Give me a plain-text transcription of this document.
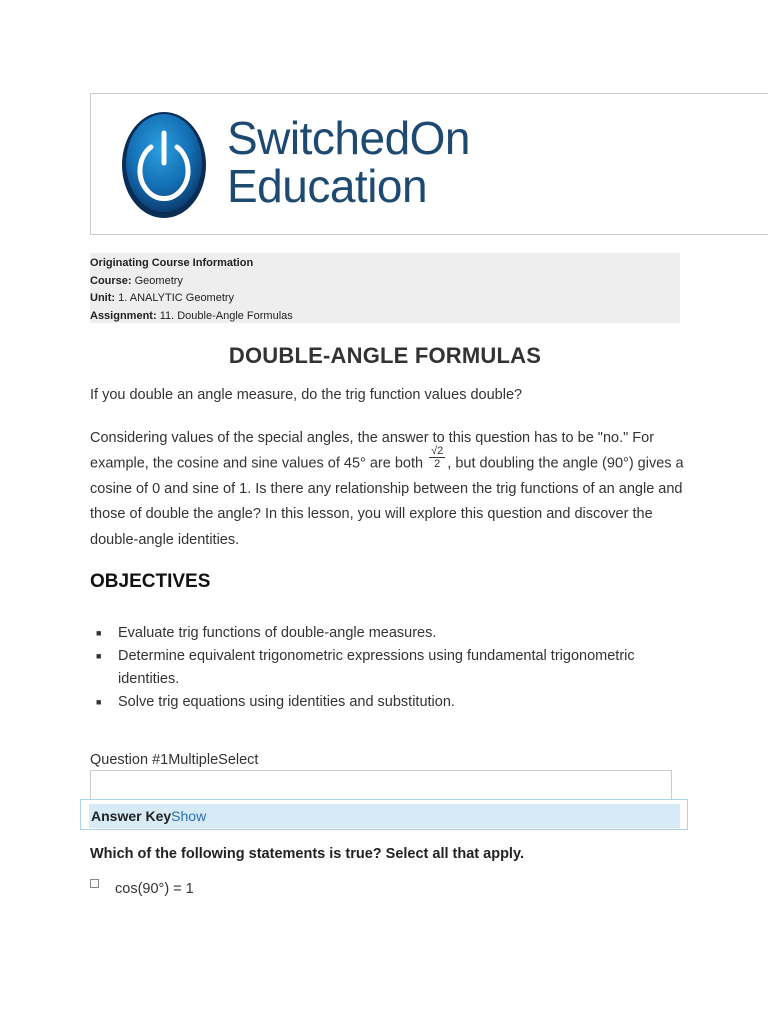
SwitchedOn
Education
Originating Course Information
Course: Geometry
Unit: 1. ANALYTIC Geometry
Assignment: 11. Double-Angle Formulas
DOUBLE-ANGLE FORMULAS

If you double an angle measure, do the trig function values double?

Considering values of the special angles, the answer to this question has to be "no." For example, the cosine and sine values of 45° are both $\frac{√2}{2}$ , but doubling the angle (90°) gives a cosine of 0 and sine of 1. Is there any relationship between the trig functions of an angle and those of double the angle? In this lesson, you will explore this question and discover the double-angle identities.

OBJECTIVES
■ Evaluate trig functions of double-angle measures.
■ Determine equivalent trigonometric expressions using fundamental trigonometric identities.
■ Solve trig equations using identities and substitution.
Question #1MultipleSelect
Answer KeyShow

Which of the following statements is true? Select all that apply.

cos(90°) = 1
